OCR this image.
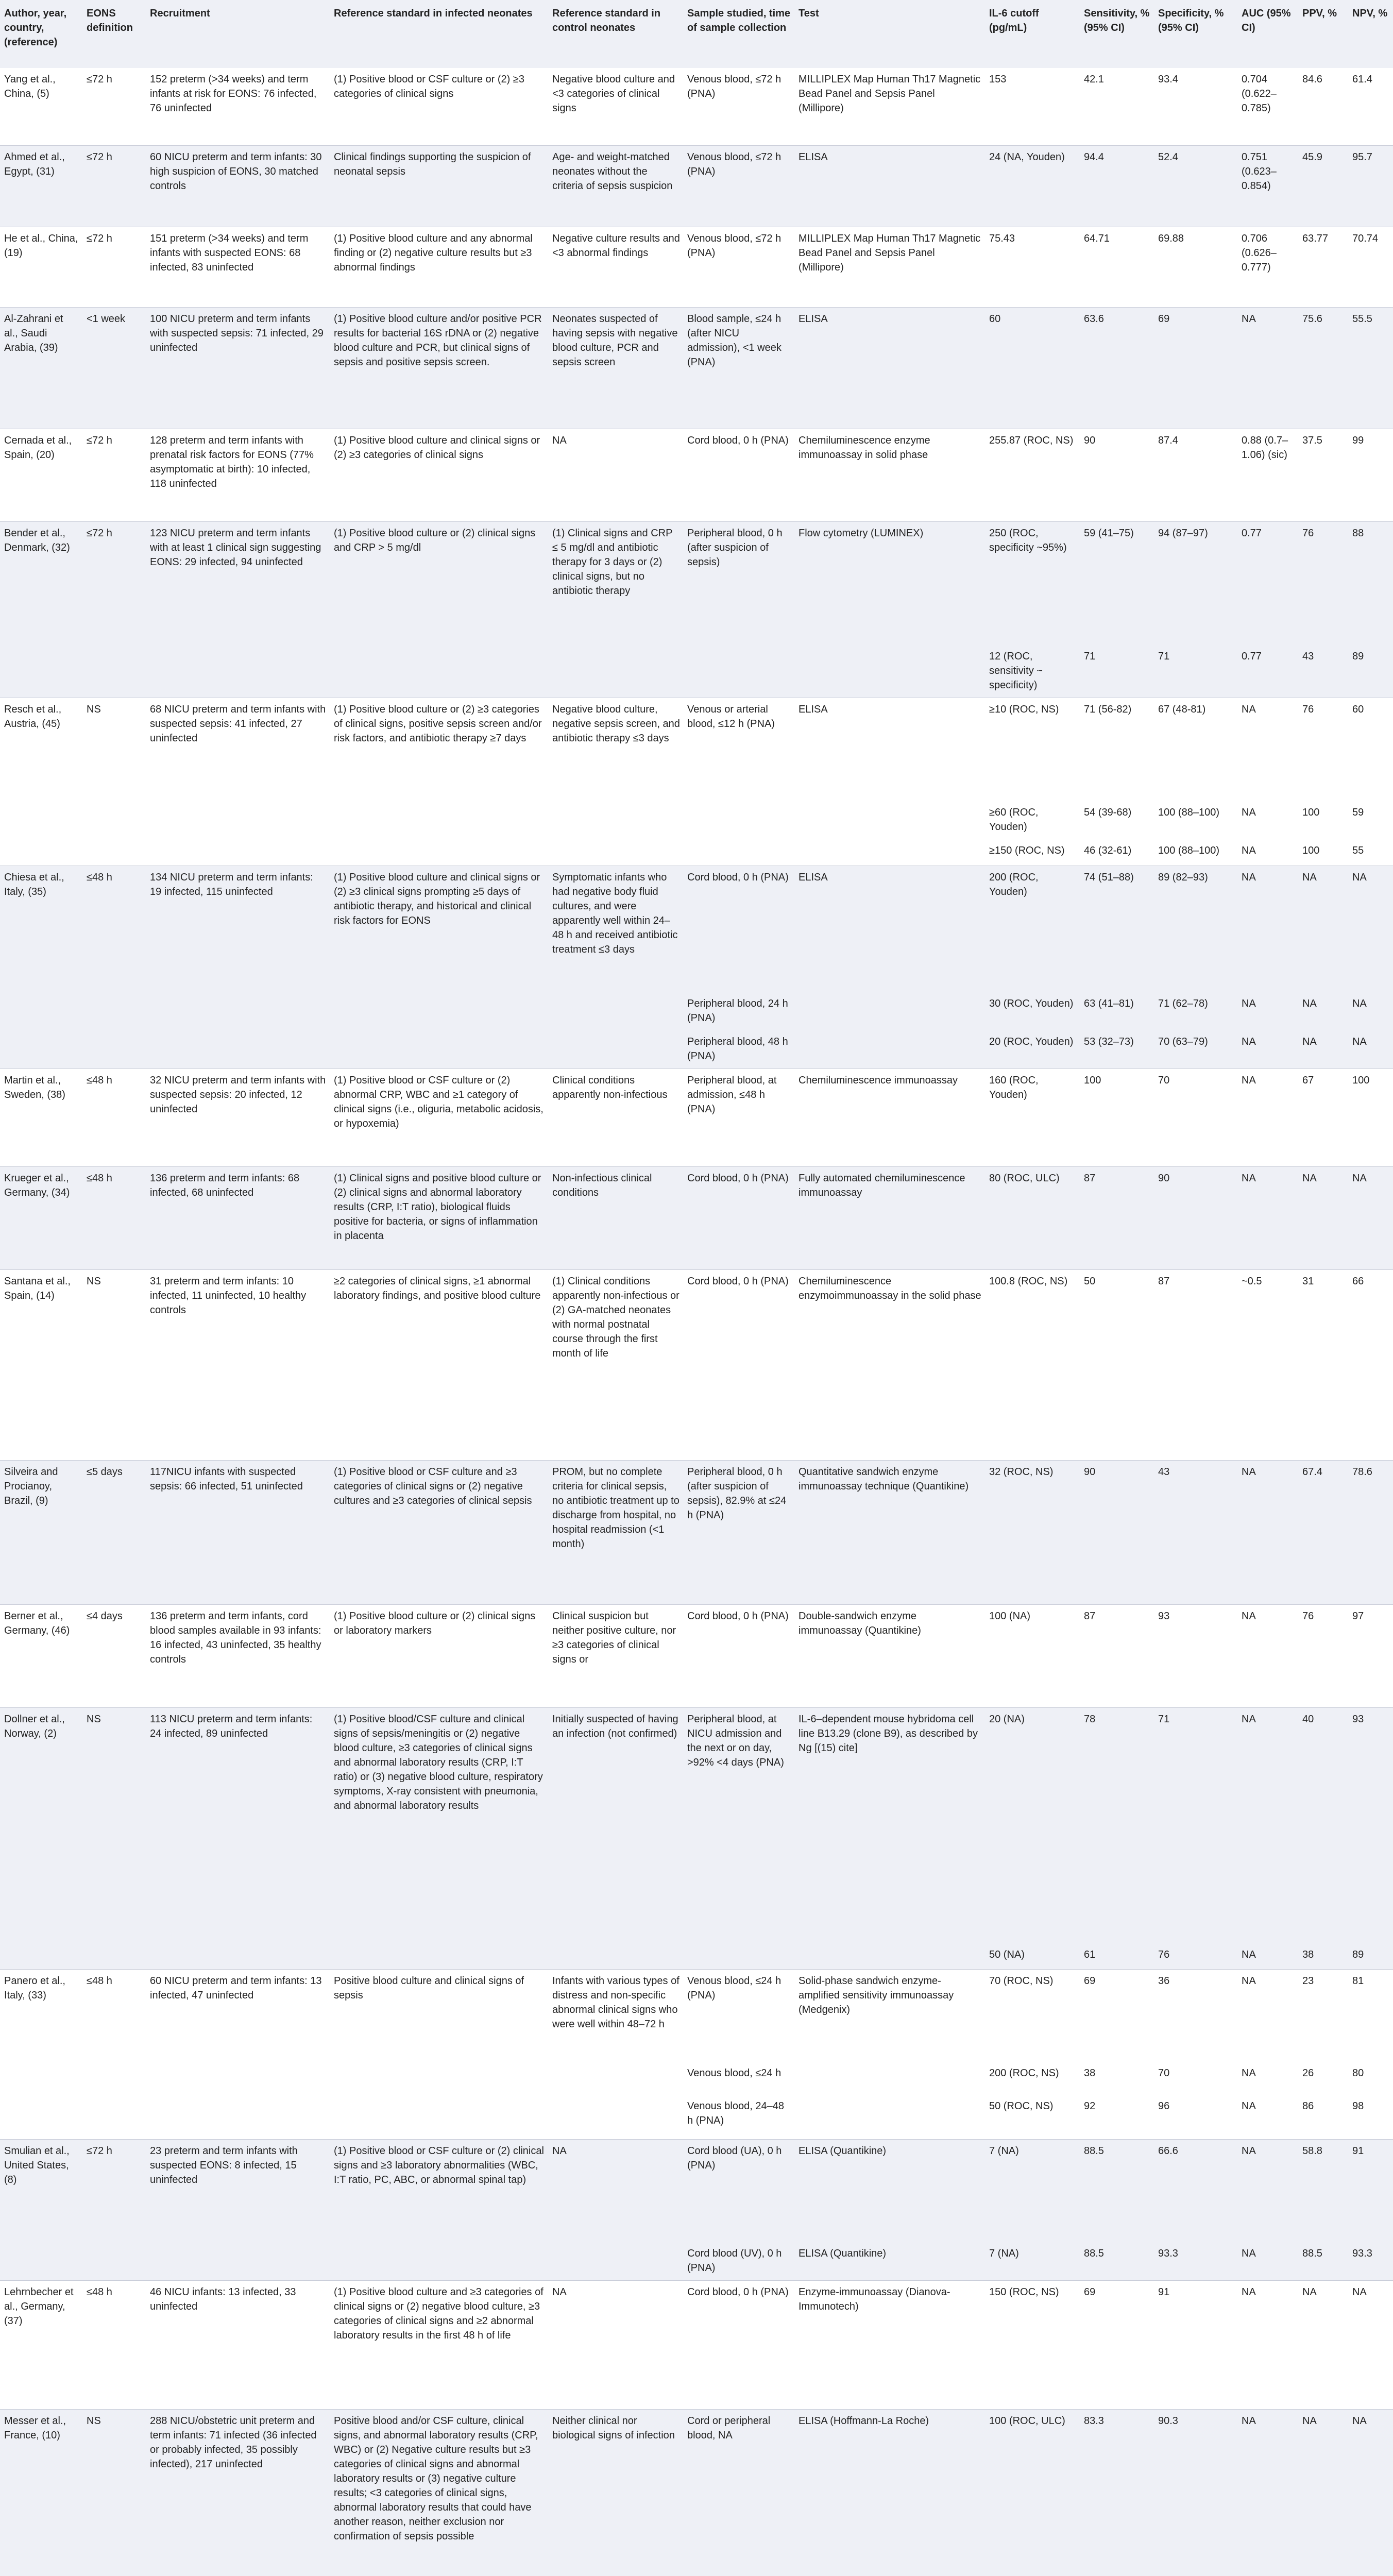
Author, year, country, (reference)	EONS definition	Recruitment	Reference standard in infected neonates	Reference standard in control neonates	Sample studied, time of sample collection	Test	IL-6 cutoff (pg/mL)	Sensitivity, % (95% CI)	Specificity, % (95% CI)	AUC (95% CI)	PPV, %	NPV, %
Yang et al., China, (5)	≤72 h	152 preterm (>34 weeks) and term infants at risk for EONS: 76 infected, 76 uninfected	(1) Positive blood or CSF culture or (2) ≥3 categories of clinical signs	Negative blood culture and <3 categories of clinical signs	Venous blood, ≤72 h (PNA)	MILLIPLEX Map Human Th17 Magnetic Bead Panel and Sepsis Panel (Millipore)	153	42.1	93.4	0.704 (0.622–0.785)	84.6	61.4
Ahmed et al., Egypt, (31)	≤72 h	60 NICU preterm and term infants: 30 high suspicion of EONS, 30 matched controls	Clinical findings supporting the suspicion of neonatal sepsis	Age- and weight-matched neonates without the criteria of sepsis suspicion	Venous blood, ≤72 h (PNA)	ELISA	24 (NA, Youden)	94.4	52.4	0.751 (0.623–0.854)	45.9	95.7
He et al., China, (19)	≤72 h	151 preterm (>34 weeks) and term infants with suspected EONS: 68 infected, 83 uninfected	(1) Positive blood culture and any abnormal finding or (2) negative culture results but ≥3 abnormal findings	Negative culture results and <3 abnormal findings	Venous blood, ≤72 h (PNA)	MILLIPLEX Map Human Th17 Magnetic Bead Panel and Sepsis Panel (Millipore)	75.43	64.71	69.88	0.706 (0.626–0.777)	63.77	70.74
Al-Zahrani et al., Saudi Arabia, (39)	<1 week	100 NICU preterm and term infants with suspected sepsis: 71 infected, 29 uninfected	(1) Positive blood culture and/or positive PCR results for bacterial 16S rDNA or (2) negative blood culture and PCR, but clinical signs of sepsis and positive sepsis screen.	Neonates suspected of having sepsis with negative blood culture, PCR and sepsis screen	Blood sample, ≤24 h (after NICU admission), <1 week (PNA)	ELISA	60	63.6	69	NA	75.6	55.5
Cernada et al., Spain, (20)	≤72 h	128 preterm and term infants with prenatal risk factors for EONS (77% asymptomatic at birth): 10 infected, 118 uninfected	(1) Positive blood culture and clinical signs or (2) ≥3 categories of clinical signs	NA	Cord blood, 0 h (PNA)	Chemiluminescence enzyme immunoassay in solid phase	255.87 (ROC, NS)	90	87.4	0.88 (0.7–1.06) (sic)	37.5	99
Bender et al., Denmark, (32)	≤72 h	123 NICU preterm and term infants with at least 1 clinical sign suggesting EONS: 29 infected, 94 uninfected	(1) Positive blood culture or (2) clinical signs and CRP > 5 mg/dl	(1) Clinical signs and CRP ≤ 5 mg/dl and antibiotic therapy for 3 days or (2) clinical signs, but no antibiotic therapy	Peripheral blood, 0 h (after suspicion of sepsis)	Flow cytometry (LUMINEX)	250 (ROC, specificity ~95%)	59 (41–75)	94 (87–97)	0.77	76	88
							12 (ROC, sensitivity ~ specificity)	71	71	0.77	43	89
Resch et al., Austria, (45)	NS	68 NICU preterm and term infants with suspected sepsis: 41 infected, 27 uninfected	(1) Positive blood culture or (2) ≥3 categories of clinical signs, positive sepsis screen and/or risk factors, and antibiotic therapy ≥7 days	Negative blood culture, negative sepsis screen, and antibiotic therapy ≤3 days	Venous or arterial blood, ≤12 h (PNA)	ELISA	≥10 (ROC, NS)	71 (56-82)	67 (48-81)	NA	76	60
							≥60 (ROC, Youden)	54 (39-68)	100 (88–100)	NA	100	59
							≥150 (ROC, NS)	46 (32-61)	100 (88–100)	NA	100	55
Chiesa et al., Italy, (35)	≤48 h	134 NICU preterm and term infants: 19 infected, 115 uninfected	(1) Positive blood culture and clinical signs or (2) ≥3 clinical signs prompting ≥5 days of antibiotic therapy, and historical and clinical risk factors for EONS	Symptomatic infants who had negative body fluid cultures, and were apparently well within 24–48 h and received antibiotic treatment ≤3 days	Cord blood, 0 h (PNA)	ELISA	200 (ROC, Youden)	74 (51–88)	89 (82–93)	NA	NA	NA
					Peripheral blood, 24 h (PNA)		30 (ROC, Youden)	63 (41–81)	71 (62–78)	NA	NA	NA
					Peripheral blood, 48 h (PNA)		20 (ROC, Youden)	53 (32–73)	70 (63–79)	NA	NA	NA
Martin et al., Sweden, (38)	≤48 h	32 NICU preterm and term infants with suspected sepsis: 20 infected, 12 uninfected	(1) Positive blood or CSF culture or (2) abnormal CRP, WBC and ≥1 category of clinical signs (i.e., oliguria, metabolic acidosis, or hypoxemia)	Clinical conditions apparently non-infectious	Peripheral blood, at admission, ≤48 h (PNA)	Chemiluminescence immunoassay	160 (ROC, Youden)	100	70	NA	67	100
Krueger et al., Germany, (34)	≤48 h	136 preterm and term infants: 68 infected, 68 uninfected	(1) Clinical signs and positive blood culture or (2) clinical signs and abnormal laboratory results (CRP, I:T ratio), biological fluids positive for bacteria, or signs of inflammation in placenta	Non-infectious clinical conditions	Cord blood, 0 h (PNA)	Fully automated chemiluminescence immunoassay	80 (ROC, ULC)	87	90	NA	NA	NA
Santana et al., Spain, (14)	NS	31 preterm and term infants: 10 infected, 11 uninfected, 10 healthy controls	≥2 categories of clinical signs, ≥1 abnormal laboratory findings, and positive blood culture	(1) Clinical conditions apparently non-infectious or (2) GA-matched neonates with normal postnatal course through the first month of life	Cord blood, 0 h (PNA)	Chemiluminescence enzymoimmunoassay in the solid phase	100.8 (ROC, NS)	50	87	~0.5	31	66
Silveira and Procianoy, Brazil, (9)	≤5 days	117NICU infants with suspected sepsis: 66 infected, 51 uninfected	(1) Positive blood or CSF culture and ≥3 categories of clinical signs or (2) negative cultures and ≥3 categories of clinical sepsis	PROM, but no complete criteria for clinical sepsis, no antibiotic treatment up to discharge from hospital, no hospital readmission (<1 month)	Peripheral blood, 0 h (after suspicion of sepsis), 82.9% at ≤24 h (PNA)	Quantitative sandwich enzyme immunoassay technique (Quantikine)	32 (ROC, NS)	90	43	NA	67.4	78.6
Berner et al., Germany, (46)	≤4 days	136 preterm and term infants, cord blood samples available in 93 infants: 16 infected, 43 uninfected, 35 healthy controls	(1) Positive blood culture or (2) clinical signs or laboratory markers	Clinical suspicion but neither positive culture, nor ≥3 categories of clinical signs or	Cord blood, 0 h (PNA)	Double-sandwich enzyme immunoassay (Quantikine)	100 (NA)	87	93	NA	76	97
Dollner et al., Norway, (2)	NS	113 NICU preterm and term infants: 24 infected, 89 uninfected	(1) Positive blood/CSF culture and clinical signs of sepsis/meningitis or (2) negative blood culture, ≥3 categories of clinical signs and abnormal laboratory results (CRP, I:T ratio) or (3) negative blood culture, respiratory symptoms, X-ray consistent with pneumonia, and abnormal laboratory results	Initially suspected of having an infection (not confirmed)	Peripheral blood, at NICU admission and the next or on day, >92% <4 days (PNA)	IL-6–dependent mouse hybridoma cell line B13.29 (clone B9), as described by Ng [(15) cite]	20 (NA)	78	71	NA	40	93
							50 (NA)	61	76	NA	38	89
Panero et al., Italy, (33)	≤48 h	60 NICU preterm and term infants: 13 infected, 47 uninfected	Positive blood culture and clinical signs of sepsis	Infants with various types of distress and non-specific abnormal clinical signs who were well within 48–72 h	Venous blood, ≤24 h (PNA)	Solid-phase sandwich enzyme-amplified sensitivity immunoassay (Medgenix)	70 (ROC, NS)	69	36	NA	23	81
					Venous blood, ≤24 h		200 (ROC, NS)	38	70	NA	26	80
					Venous blood, 24–48 h (PNA)		50 (ROC, NS)	92	96	NA	86	98
Smulian et al., United States, (8)	≤72 h	23 preterm and term infants with suspected EONS: 8 infected, 15 uninfected	(1) Positive blood or CSF culture or (2) clinical signs and ≥3 laboratory abnormalities (WBC, I:T ratio, PC, ABC, or abnormal spinal tap)	NA	Cord blood (UA), 0 h (PNA)	ELISA (Quantikine)	7 (NA)	88.5	66.6	NA	58.8	91
					Cord blood (UV), 0 h (PNA)	ELISA (Quantikine)	7 (NA)	88.5	93.3	NA	88.5	93.3
Lehrnbecher et al., Germany, (37)	≤48 h	46 NICU infants: 13 infected, 33 uninfected	(1) Positive blood culture and ≥3 categories of clinical signs or (2) negative blood culture, ≥3 categories of clinical signs and ≥2 abnormal laboratory results in the first 48 h of life	NA	Cord blood, 0 h (PNA)	Enzyme-immunoassay (Dianova-Immunotech)	150 (ROC, NS)	69	91	NA	NA	NA
Messer et al., France, (10)	NS	288 NICU/obstetric unit preterm and term infants: 71 infected (36 infected or probably infected, 35 possibly infected), 217 uninfected	Positive blood and/or CSF culture, clinical signs, and abnormal laboratory results (CRP, WBC) or (2) Negative culture results but ≥3 categories of clinical signs and abnormal laboratory results or (3) negative culture results; <3 categories of clinical signs, abnormal laboratory results that could have another reason, neither exclusion nor confirmation of sepsis possible	Neither clinical nor biological signs of infection	Cord or peripheral blood, NA	ELISA (Hoffmann-La Roche)	100 (ROC, ULC)	83.3	90.3	NA	NA	NA
